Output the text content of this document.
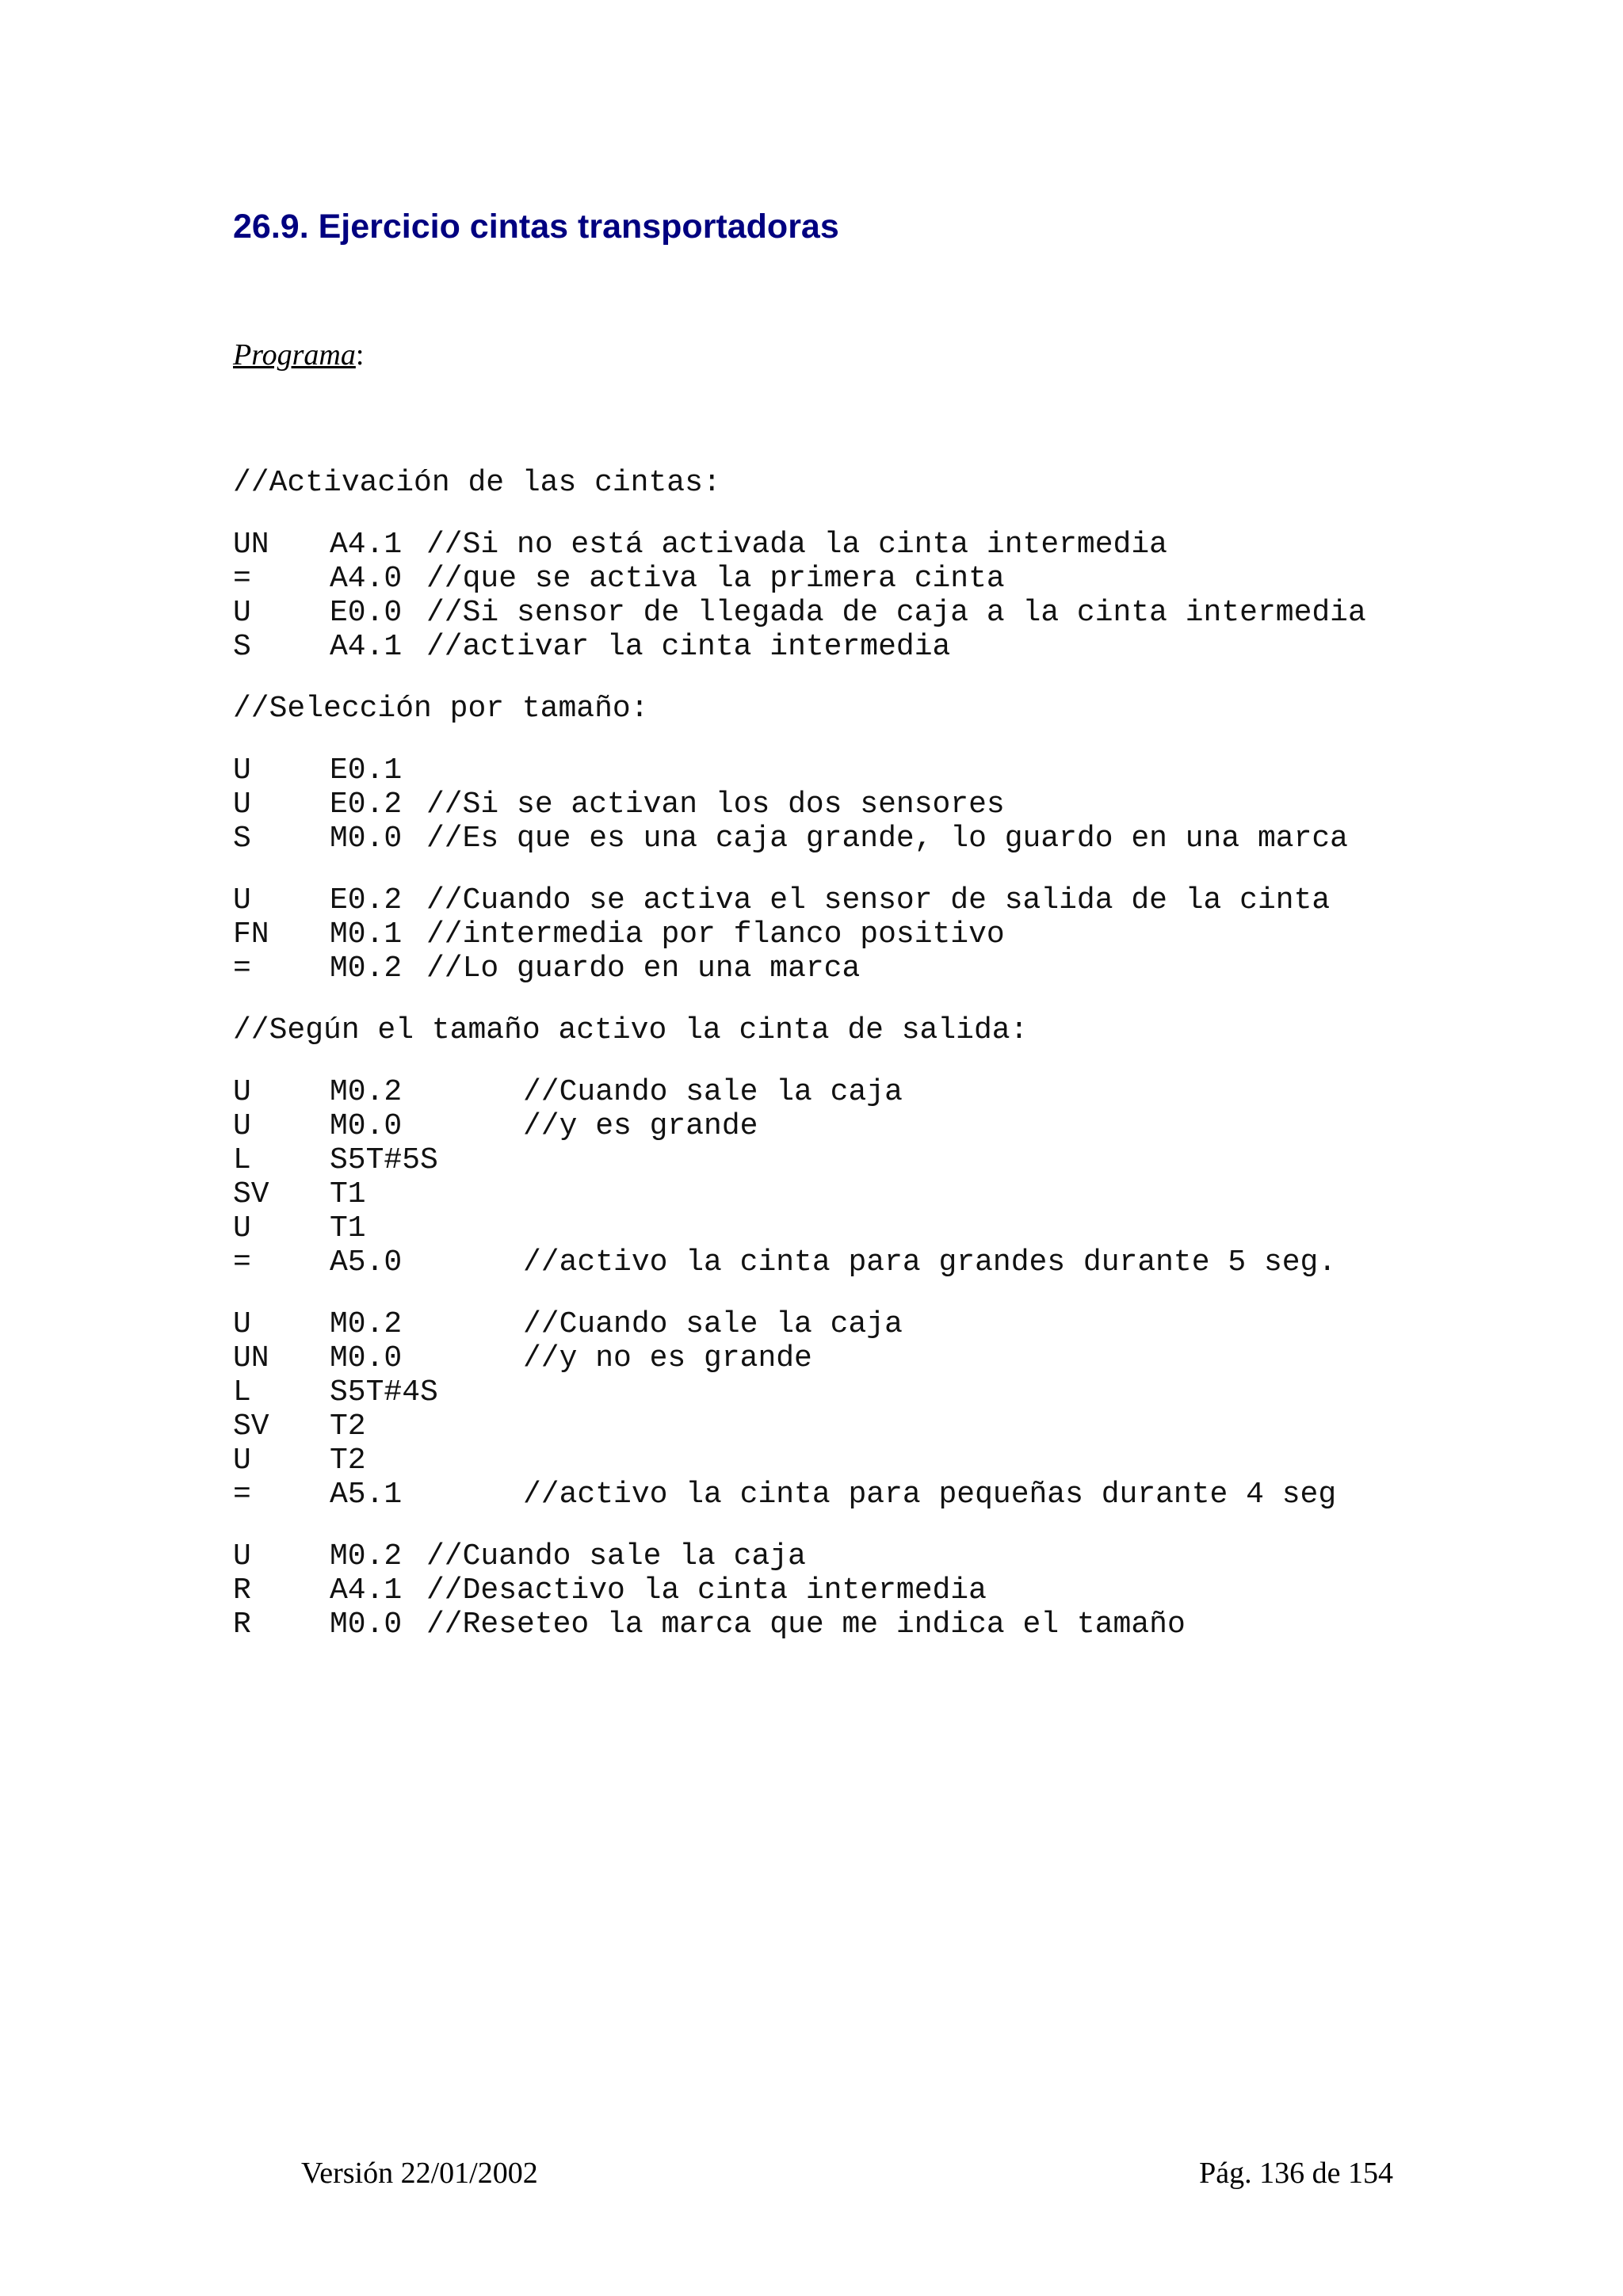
26.9. Ejercicio cintas transportadoras
Programa:
//Activación de las cintas:
UN A4.1 //Si no está activada la cinta intermedia
=	A4.0 //que se activa la primera cinta
U	E0.0 //Si sensor de llegada de caja a la cinta intermedia
S	A4.1 //activar la cinta intermedia
//Selección por tamaño:
U	E0.1
U	E0.2 //Si se activan los dos sensores
S	M0.0 //Es que es una caja grande, lo guardo en una marca
U	E0.2 //Cuando se activa el sensor de salida de la cinta
FN M0.1 //intermedia por flanco positivo
=	M0.2 //Lo guardo en una marca
//Según el tamaño activo la cinta de salida:
U	M0.2	//Cuando sale la caja
U	M0.0	//y es grande
L	S5T#5S
SV T1
U	T1
=	A5.0	//activo la cinta para grandes durante 5 seg.
U	M0.2	//Cuando sale la caja
UN M0.0	//y no es grande
L	S5T#4S
SV T2
U	T2
=	A5.1	//activo la cinta para pequeñas durante 4 seg
U	M0.2 //Cuando sale la caja
R	A4.1 //Desactivo la cinta intermedia
R	M0.0 //Reseteo la marca que me indica el tamaño
Versión 22/01/2002	Pág. 136 de 154
